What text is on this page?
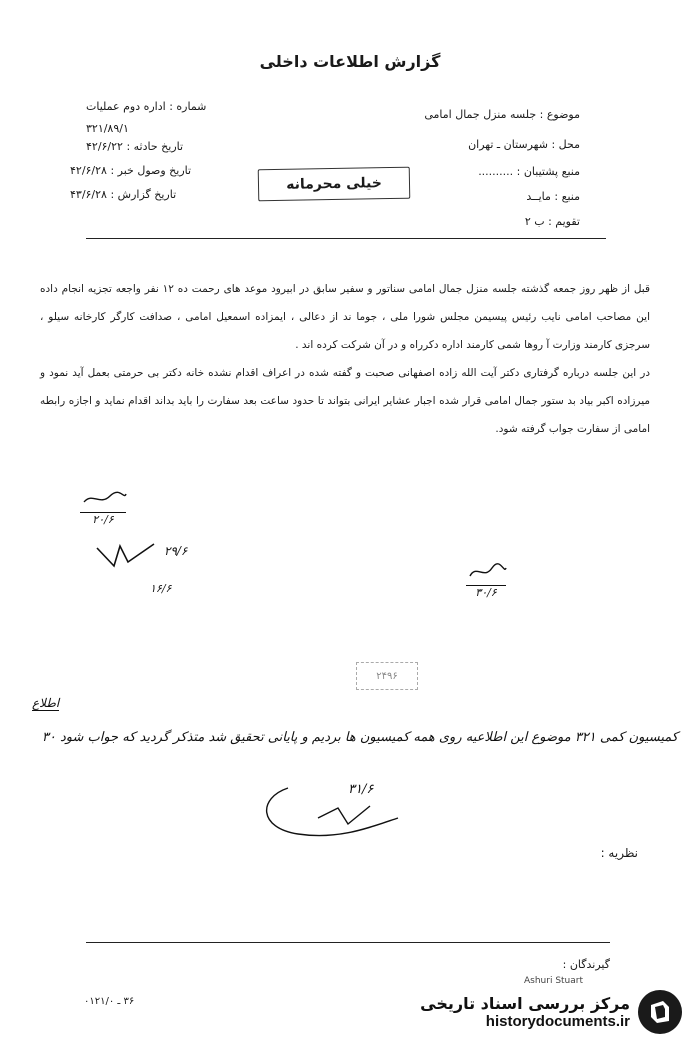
گزارش اطلاعات داخلی
موضوع : جلسه منزل جمال امامی
محل : شهرستان ـ تهران
منبع پشتیبان : ..........
منبع : مایــد
تقویم : ب ۲
شماره : اداره دوم عملیات
۳۲۱/۸۹/۱
تاریخ حادثه : ۴۲/۶/۲۲
تاریخ وصول خبر : ۴۲/۶/۲۸
تاریخ گزارش : ۴۳/۶/۲۸
خیلی محرمانه
قبل از ظهر روز جمعه گذشته جلسه منزل جمال امامی سناتور و سفیر سابق در ابیرود موعد های رحمت ده ۱۲ نفر واجعه تجزیه انجام داده این مصاحب امامی نایب رئیس پیسیمن مجلس شورا ملی ، جوما ند از دعالی ، ایمزاده اسمعیل امامی ، صدافت کارگر کارخانه سیلو ، سرجزی کارمند وزارت آ روها شمی کارمند اداره دکرراه و در آن شرکت کرده اند .
در این جلسه درباره گرفتاری دکتر آیت الله زاده اصفهانی صحبت و گفته شده در اعراف اقدام نشده خانه دکتر بی حرمتی بعمل آید نمود و میرزاده اکبر بیاد بد ستور جمال امامی قرار شده اجبار عشایر ایرانی بتواند تا حدود ساعت بعد سفارت را باید بداند اقدام نماید و اجازه رابطه امامی از سفارت جواب گرفته شود.
۲۰/۶
۲۹/۶
۱۶/۶	۳۰/۶
۲۴۹۶
اطلاع
کمیسیون کمی ۳۲۱ موضوع این اطلاعیه روی همه کمیسیون ها بردیم و پایانی تحقیق شد متذکر گردید که جواب شود ۳۰
۳۱/۶
نظریه :
گیرندگان :
Ashuri Stuart
۳۶ ـ ۰۱۲۱/۰	مرکز بررسی اسناد تاریخی
historydocuments.ir
